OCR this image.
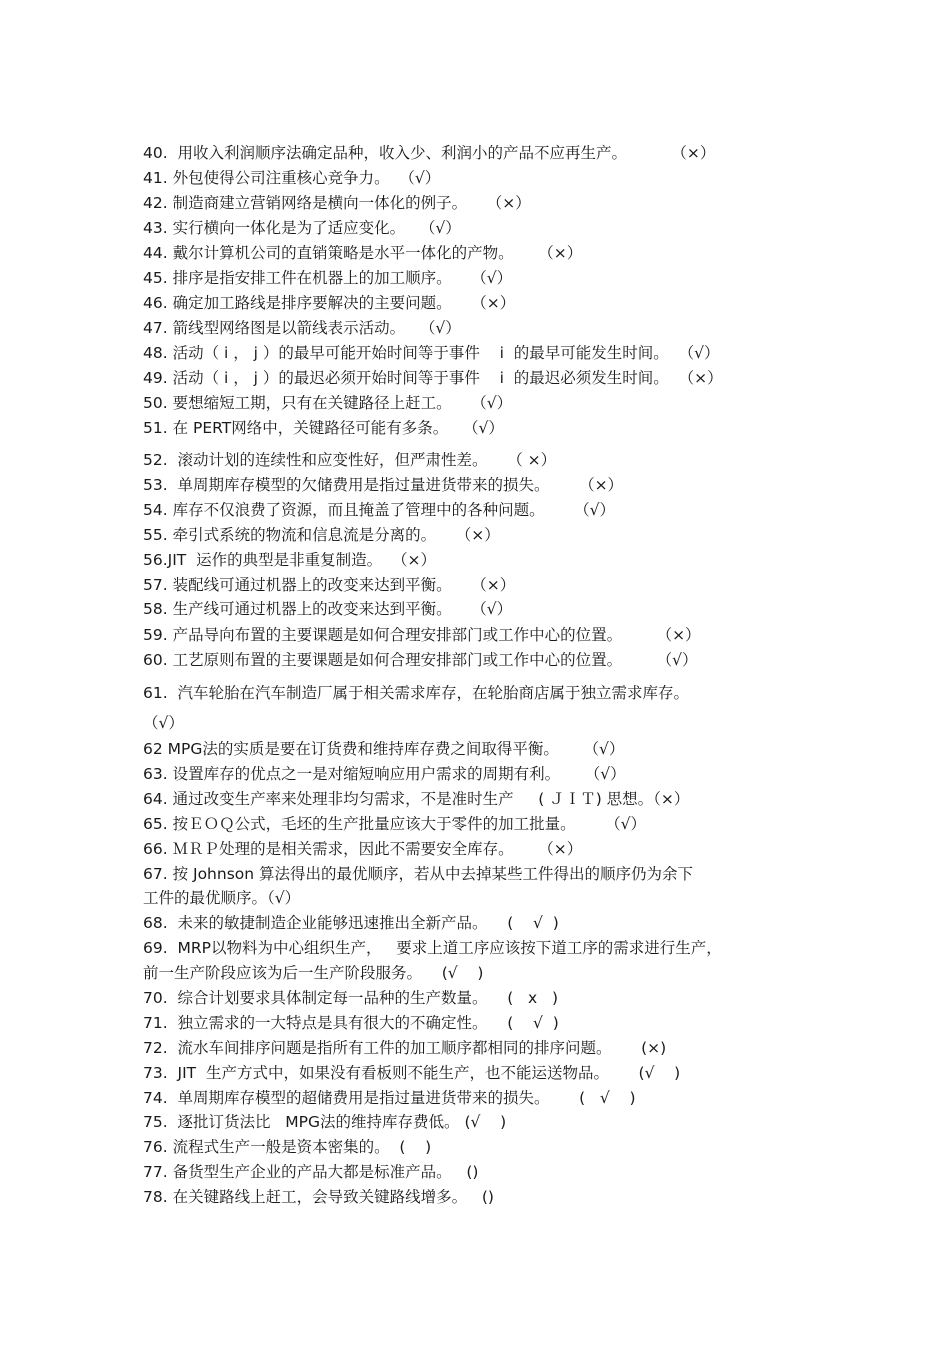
40.  用收入利润顺序法确定品种，收入少、利润小的产品不应再生产。         （×）
41. 外包使得公司注重核心竞争力。  （√）
42. 制造商建立营销网络是横向一体化的例子。    （×）
43. 实行横向一体化是为了适应变化。   （√）
44. 戴尔计算机公司的直销策略是水平一体化的产物。     （×）
45. 排序是指安排工件在机器上的加工顺序。    （√）
46. 确定加工路线是排序要解决的主要问题。    （×）
47. 箭线型网络图是以箭线表示活动。   （√）
48. 活动（ i ， j ）的最早可能开始时间等于事件    i  的最早可能发生时间。  （√）
49. 活动（ i ， j ）的最迟必须开始时间等于事件    i  的最迟必须发生时间。  （×）
50. 要想缩短工期，只有在关键路径上赶工。    （√）
51. 在 PERT网络中，关键路径可能有多条。   （√）
52.  滚动计划的连续性和应变性好，但严肃性差。    （ ×）
53.  单周期库存模型的欠储费用是指过量进货带来的损失。      （×）
54. 库存不仅浪费了资源，而且掩盖了管理中的各种问题。      （√）
55. 牵引式系统的物流和信息流是分离的。    （×）
56.JIT  运作的典型是非重复制造。  （×）
57. 装配线可通过机器上的改变来达到平衡。    （×）
58. 生产线可通过机器上的改变来达到平衡。    （√）
59. 产品导向布置的主要课题是如何合理安排部门或工作中心的位置。       （×）
60. 工艺原则布置的主要课题是如何合理安排部门或工作中心的位置。       （√）
61.  汽车轮胎在汽车制造厂属于相关需求库存，在轮胎商店属于独立需求库存。
（√）
62 MPG法的实质是要在订货费和维持库存费之间取得平衡。     （√）
63. 设置库存的优点之一是对缩短响应用户需求的周期有利。     （√）
64. 通过改变生产率来处理非均匀需求，不是准时生产     ( ＪＩＴ) 思想。（×）
65. 按ＥＯＱ公式，毛坯的生产批量应该大于零件的加工批量。      （√）
66. ＭＲＰ处理的是相关需求，因此不需要安全库存。     （×）
67. 按 Johnson 算法得出的最优顺序，若从中去掉某些工件得出的顺序仍为余下
工件的最优顺序。（√）
68.  未来的敏捷制造企业能够迅速推出全新产品。    (    √  )
69.  MRP以物料为中心组织生产，   要求上道工序应该按下道工序的需求进行生产，
前一生产阶段应该为后一生产阶段服务。    (√    )
70.  综合计划要求具体制定每一品种的生产数量。    (   x   )
71.  独立需求的一大特点是具有很大的不确定性。    (    √  )
72.  流水车间排序问题是指所有工件的加工顺序都相同的排序问题。      (×)
73.  JIT  生产方式中，如果没有看板则不能生产，也不能运送物品。      (√    )
74.  单周期库存模型的超储费用是指过量进货带来的损失。      (   √    )
75.  逐批订货法比   MPG法的维持库存费低。 (√    )
76. 流程式生产一般是资本密集的。  (    )
77. 备货型生产企业的产品大都是标准产品。   ()
78. 在关键路线上赶工，会导致关键路线增多。   ()
